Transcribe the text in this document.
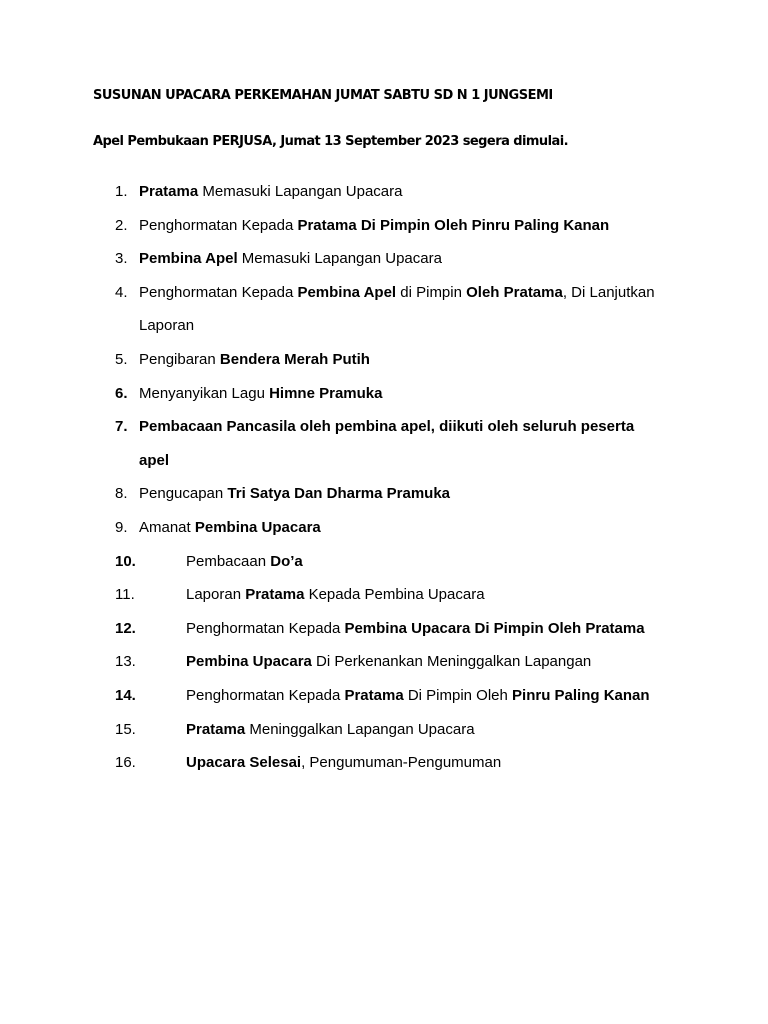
SUSUNAN UPACARA PERKEMAHAN JUMAT SABTU SD N 1 JUNGSEMI
Apel Pembukaan PERJUSA, Jumat 13 September 2023 segera dimulai.
1. Pratama Memasuki Lapangan Upacara
2. Penghormatan Kepada Pratama Di Pimpin Oleh Pinru Paling Kanan
3. Pembina Apel Memasuki Lapangan Upacara
4. Penghormatan Kepada Pembina Apel di Pimpin Oleh Pratama, Di Lanjutkan Laporan
5. Pengibaran Bendera Merah Putih
6. Menyanyikan Lagu Himne Pramuka
7. Pembacaan Pancasila oleh pembina apel, diikuti oleh seluruh peserta apel
8. Pengucapan Tri Satya Dan Dharma Pramuka
9. Amanat Pembina Upacara
10.	Pembacaan Do’a
11.	Laporan Pratama Kepada Pembina Upacara
12.	Penghormatan Kepada Pembina Upacara Di Pimpin Oleh Pratama
13.	Pembina Upacara Di Perkenankan Meninggalkan Lapangan
14.	Penghormatan Kepada Pratama Di Pimpin Oleh Pinru Paling Kanan
15.	Pratama Meninggalkan Lapangan Upacara
16.	Upacara Selesai, Pengumuman-Pengumuman
